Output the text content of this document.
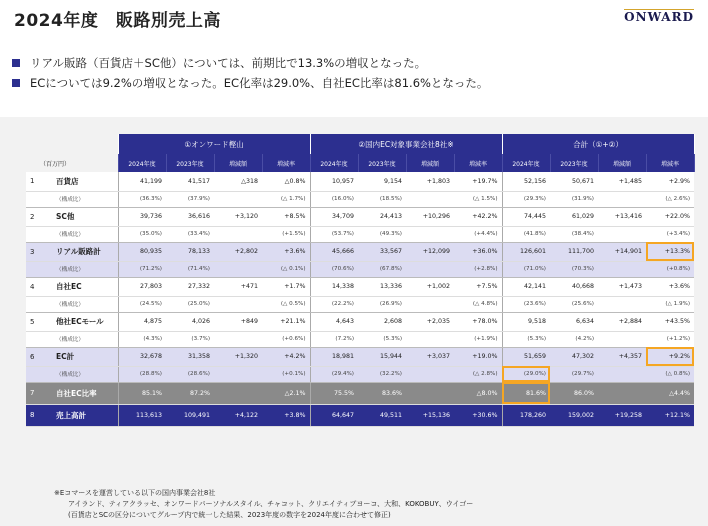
2024年度　販路別売上高	ONWARD
リアル販路（百貨店＋SC他）については、前期比で13.3%の増収となった。
ECについては9.2%の増収となった。EC化率は29.0%、自社EC比率は81.6%となった。
		①オンワード樫山				②国内EC対象事業会社8社※				合計（①+②）			
（百万円）		2024年度	2023年度	増減額	増減率	2024年度	2023年度	増減額	増減率	2024年度	2023年度	増減額	増減率
1	百貨店	41,199	41,517	△318	△0.8%	10,957	9,154	+1,803	+19.7%	52,156	50,671	+1,485	+2.9%
	（構成比）	(36.3%)	(37.9%)		(△ 1.7%)	(16.0%)	(18.5%)		(△ 1.5%)	(29.3%)	(31.9%)		(△ 2.6%)
2	SC他	39,736	36,616	+3,120	+8.5%	34,709	24,413	+10,296	+42.2%	74,445	61,029	+13,416	+22.0%
	（構成比）	(35.0%)	(33.4%)		(+1.5%)	(53.7%)	(49.3%)		(+4.4%)	(41.8%)	(38.4%)		(+3.4%)
3	リアル販路計	80,935	78,133	+2,802	+3.6%	45,666	33,567	+12,099	+36.0%	126,601	111,700	+14,901	+13.3%
	（構成比）	(71.2%)	(71.4%)		(△ 0.1%)	(70.6%)	(67.8%)		(+2.8%)	(71.0%)	(70.3%)		(+0.8%)
4	自社EC	27,803	27,332	+471	+1.7%	14,338	13,336	+1,002	+7.5%	42,141	40,668	+1,473	+3.6%
	（構成比）	(24.5%)	(25.0%)		(△ 0.5%)	(22.2%)	(26.9%)		(△ 4.8%)	(23.6%)	(25.6%)		(△ 1.9%)
5	他社ECモール	4,875	4,026	+849	+21.1%	4,643	2,608	+2,035	+78.0%	9,518	6,634	+2,884	+43.5%
	（構成比）	(4.3%)	(3.7%)		(+0.6%)	(7.2%)	(5.3%)		(+1.9%)	(5.3%)	(4.2%)		(+1.2%)
6	EC計	32,678	31,358	+1,320	+4.2%	18,981	15,944	+3,037	+19.0%	51,659	47,302	+4,357	+9.2%
	（構成比）	(28.8%)	(28.6%)		(+0.1%)	(29.4%)	(32.2%)		(△ 2.8%)	(29.0%)	(29.7%)		(△ 0.8%)
7	自社EC比率	85.1%	87.2%		△2.1%	75.5%	83.6%		△8.0%	81.6%	86.0%		△4.4%
8	売上高計	113,613	109,491	+4,122	+3.8%	64,647	49,511	+15,136	+30.6%	178,260	159,002	+19,258	+12.1%
※Eコマースを運営している以下の国内事業会社8社
アイランド、ティアクラッセ、オンワードパーソナルスタイル、チャコット、クリエイティブヨーコ、大和、KOKOBUY、ウイゴー
(百貨店とSCの区分についてグループ内で統一した結果、2023年度の数字を2024年度に合わせて修正)
